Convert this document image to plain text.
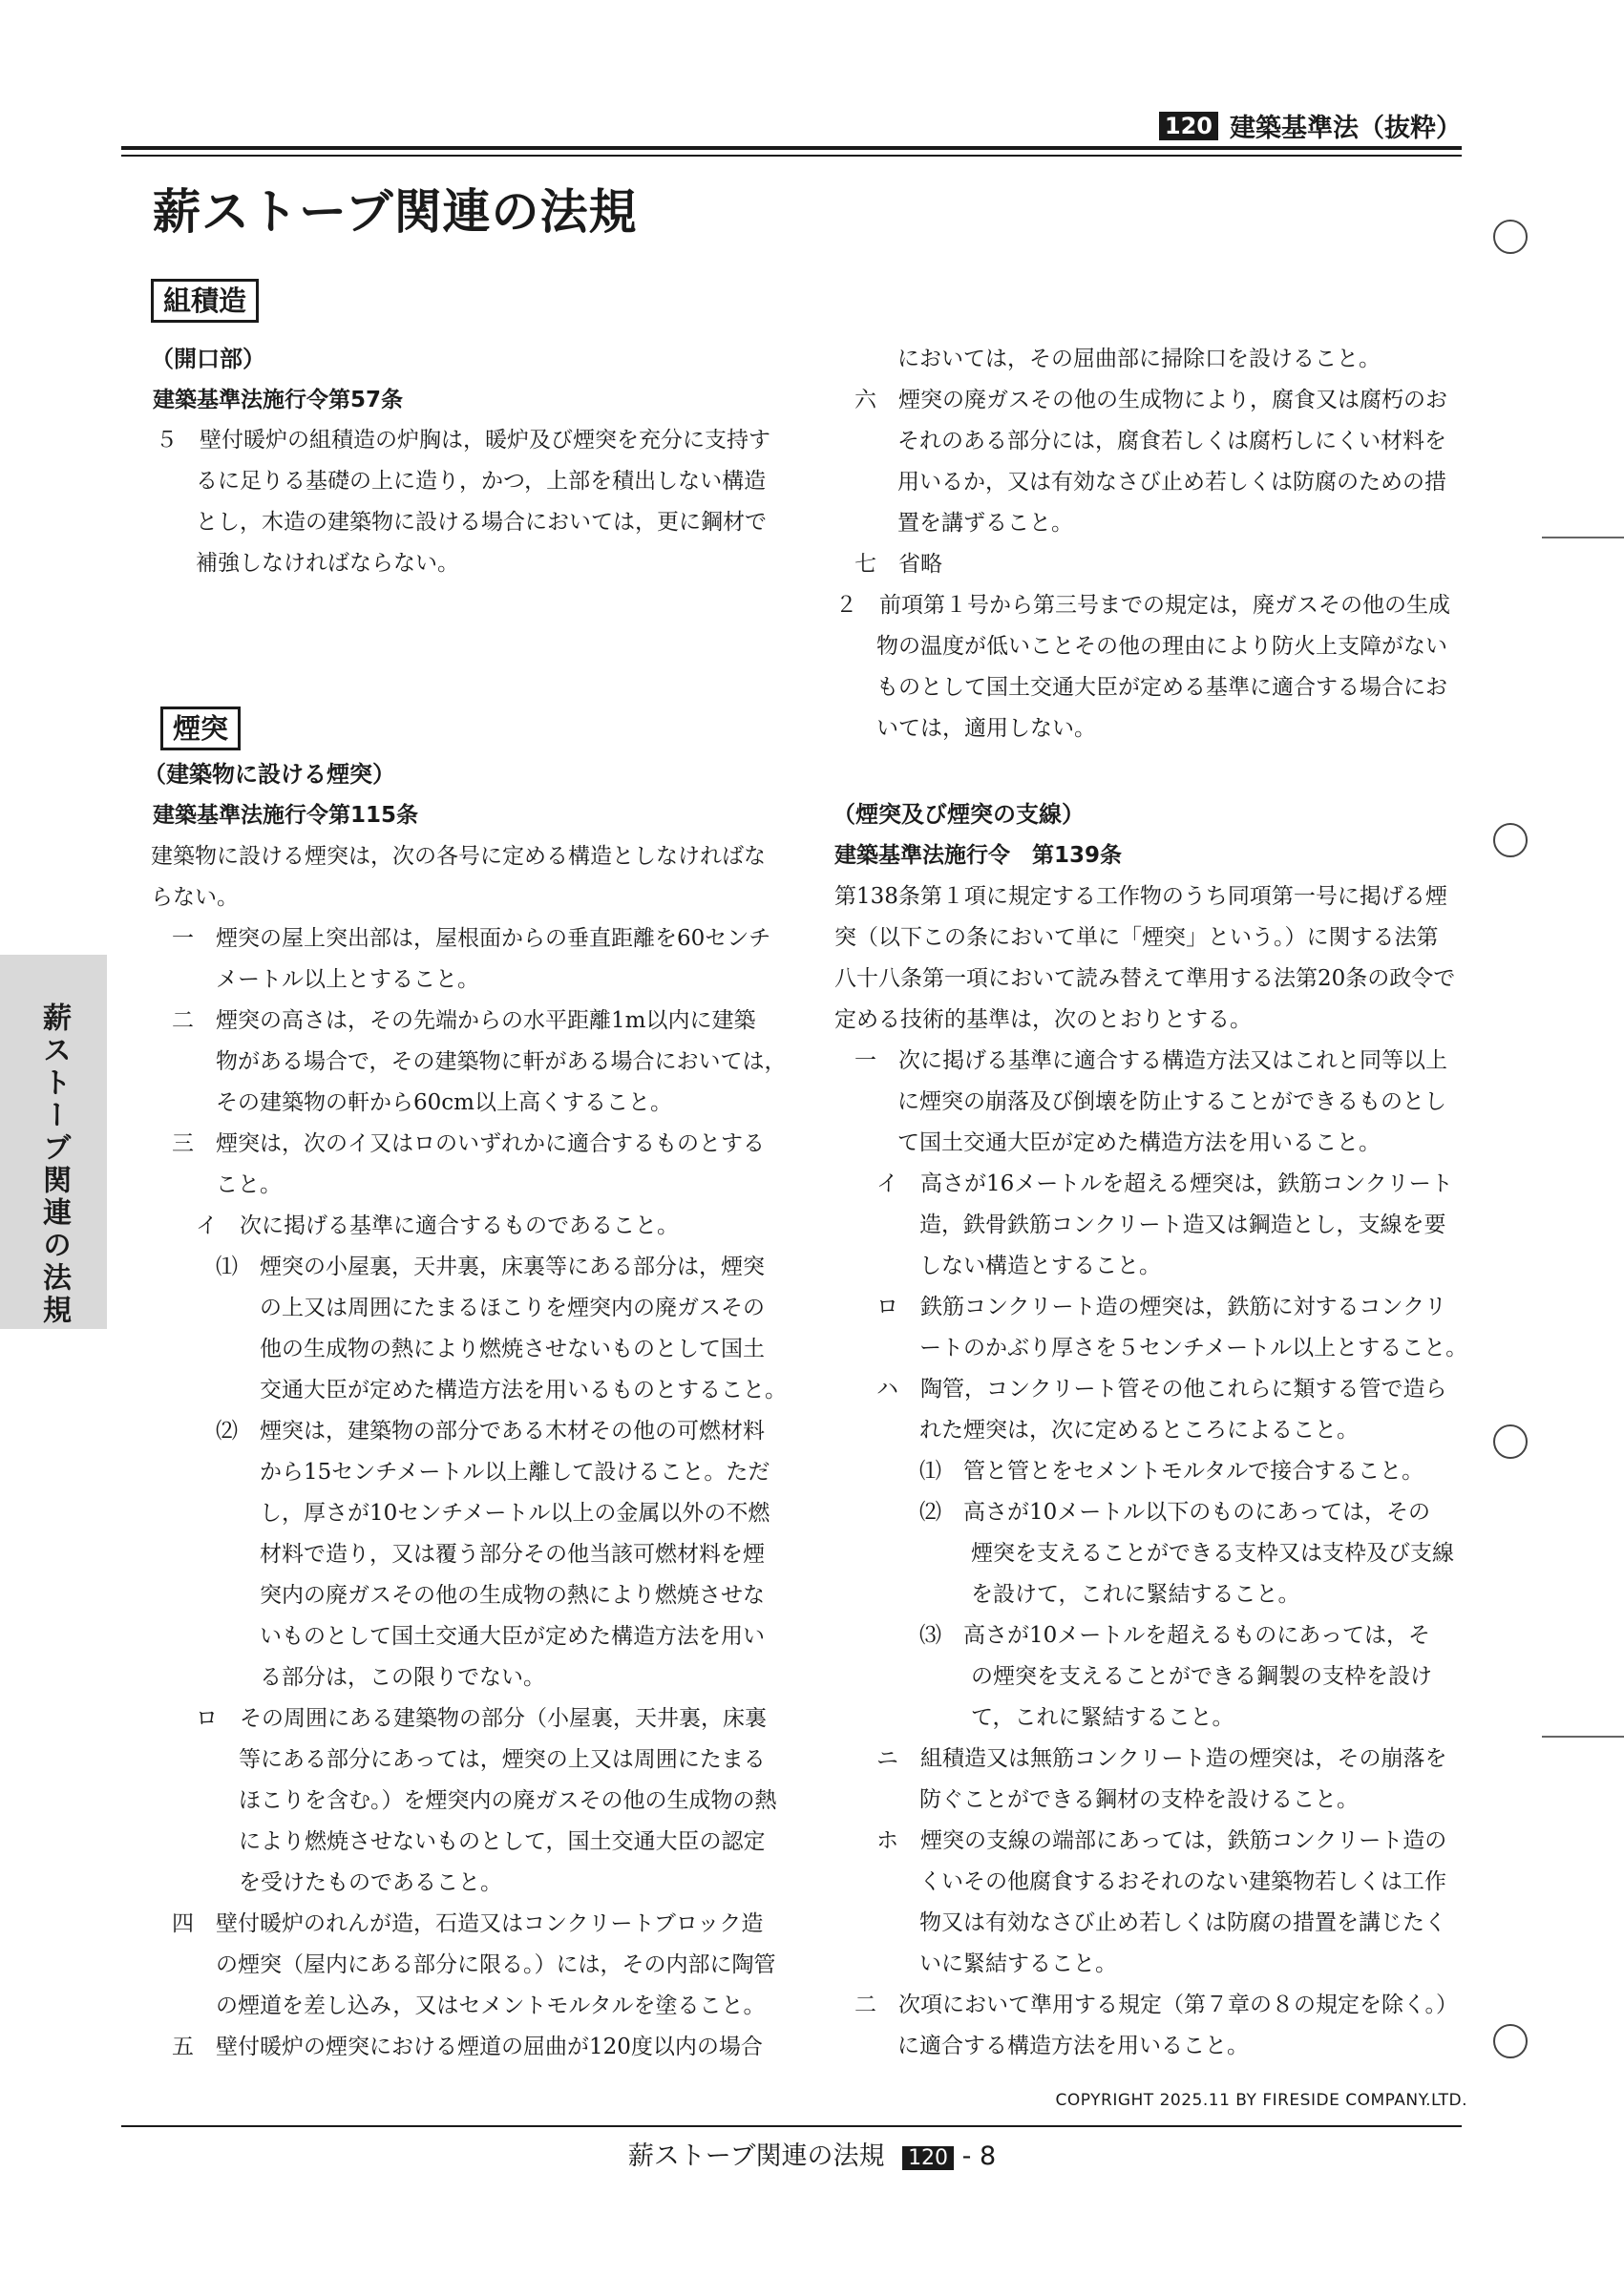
120 建築基準法（抜粋）
薪ストーブ関連の法規
組積造
（開口部）
建築基準法施行令第57条
５　壁付暖炉の組積造の炉胸は，暖炉及び煙突を充分に支持す
るに足りる基礎の上に造り，かつ，上部を積出しない構造
とし，木造の建築物に設ける場合においては，更に鋼材で
補強しなければならない。
煙突
（建築物に設ける煙突）
建築基準法施行令第115条
建築物に設ける煙突は，次の各号に定める構造としなければな
らない。
一　煙突の屋上突出部は，屋根面からの垂直距離を60センチ
メートル以上とすること。
二　煙突の高さは，その先端からの水平距離1m以内に建築
物がある場合で，その建築物に軒がある場合においては，
その建築物の軒から60cm以上高くすること。
三　煙突は，次のイ又はロのいずれかに適合するものとする
こと。
イ　次に掲げる基準に適合するものであること。
⑴　煙突の小屋裏，天井裏，床裏等にある部分は，煙突
の上又は周囲にたまるほこりを煙突内の廃ガスその
他の生成物の熱により燃焼させないものとして国土
交通大臣が定めた構造方法を用いるものとすること。
⑵　煙突は，建築物の部分である木材その他の可燃材料
から15センチメートル以上離して設けること。ただ
し，厚さが10センチメートル以上の金属以外の不燃
材料で造り，又は覆う部分その他当該可燃材料を煙
突内の廃ガスその他の生成物の熱により燃焼させな
いものとして国土交通大臣が定めた構造方法を用い
る部分は，この限りでない。
ロ　その周囲にある建築物の部分（小屋裏，天井裏，床裏
等にある部分にあっては，煙突の上又は周囲にたまる
ほこりを含む。）を煙突内の廃ガスその他の生成物の熱
により燃焼させないものとして，国土交通大臣の認定
を受けたものであること。
四　壁付暖炉のれんが造，石造又はコンクリートブロック造
の煙突（屋内にある部分に限る。）には，その内部に陶管
の煙道を差し込み，又はセメントモルタルを塗ること。
五　壁付暖炉の煙突における煙道の屈曲が120度以内の場合
においては，その屈曲部に掃除口を設けること。
六　煙突の廃ガスその他の生成物により，腐食又は腐朽のお
それのある部分には，腐食若しくは腐朽しにくい材料を
用いるか，又は有効なさび止め若しくは防腐のための措
置を講ずること。
七　省略
２　前項第１号から第三号までの規定は，廃ガスその他の生成
物の温度が低いことその他の理由により防火上支障がない
ものとして国土交通大臣が定める基準に適合する場合にお
いては，適用しない。
（煙突及び煙突の支線）
建築基準法施行令　第139条
第138条第１項に規定する工作物のうち同項第一号に掲げる煙
突（以下この条において単に「煙突」という。）に関する法第
八十八条第一項において読み替えて準用する法第20条の政令で
定める技術的基準は，次のとおりとする。
一　次に掲げる基準に適合する構造方法又はこれと同等以上
に煙突の崩落及び倒壊を防止することができるものとし
て国土交通大臣が定めた構造方法を用いること。
イ　高さが16メートルを超える煙突は，鉄筋コンクリート
造，鉄骨鉄筋コンクリート造又は鋼造とし，支線を要
しない構造とすること。
ロ　鉄筋コンクリート造の煙突は，鉄筋に対するコンクリ
ートのかぶり厚さを５センチメートル以上とすること。
ハ　陶管，コンクリート管その他これらに類する管で造ら
れた煙突は，次に定めるところによること。
⑴　管と管とをセメントモルタルで接合すること。
⑵　高さが10メートル以下のものにあっては，その
煙突を支えることができる支枠又は支枠及び支線
を設けて，これに緊結すること。
⑶　高さが10メートルを超えるものにあっては，そ
の煙突を支えることができる鋼製の支枠を設け
て，これに緊結すること。
ニ　組積造又は無筋コンクリート造の煙突は，その崩落を
防ぐことができる鋼材の支枠を設けること。
ホ　煙突の支線の端部にあっては，鉄筋コンクリート造の
くいその他腐食するおそれのない建築物若しくは工作
物又は有効なさび止め若しくは防腐の措置を講じたく
いに緊結すること。
二　次項において準用する規定（第７章の８の規定を除く。）
に適合する構造方法を用いること。
薪ストーブ関連の法規
COPYRIGHT 2025.11 BY FIRESIDE COMPANY.LTD.
薪ストーブ関連の法規 120 - 8
